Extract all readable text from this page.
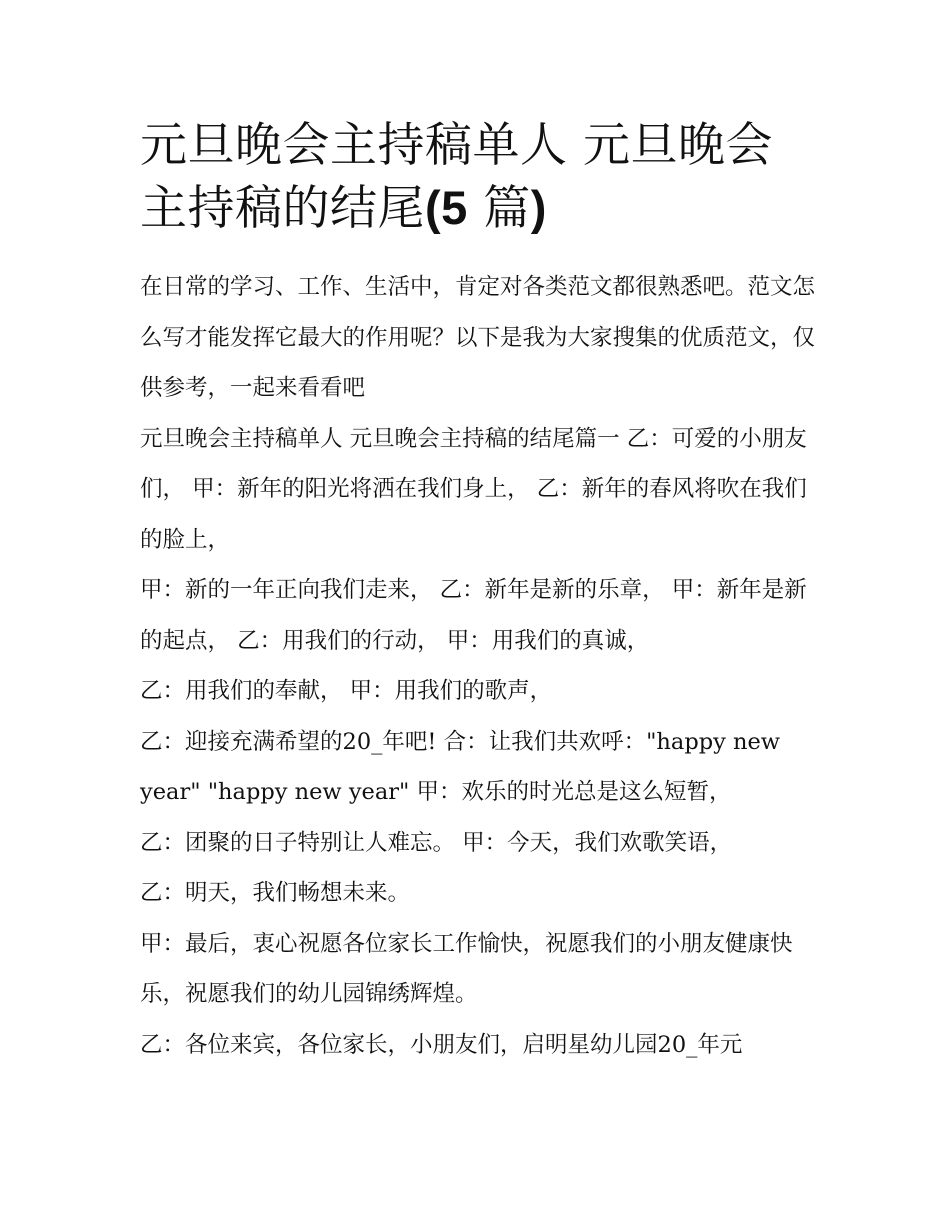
元旦晚会主持稿单人 元旦晚会主持稿的结尾(5 篇)

在日常的学习、工作、生活中，肯定对各类范文都很熟悉吧。范文怎么写才能发挥它最大的作用呢？以下是我为大家搜集的优质范文，仅供参考，一起来看看吧

元旦晚会主持稿单人 元旦晚会主持稿的结尾篇一 乙：可爱的小朋友们， 甲：新年的阳光将洒在我们身上， 乙：新年的春风将吹在我们的脸上，

甲：新的一年正向我们走来， 乙：新年是新的乐章， 甲：新年是新的起点， 乙：用我们的行动， 甲：用我们的真诚，

乙：用我们的奉献， 甲：用我们的歌声，

乙：迎接充满希望的20_年吧! 合：让我们共欢呼："happy new year" "happy new year" 甲：欢乐的时光总是这么短暂，

乙：团聚的日子特别让人难忘。 甲：今天，我们欢歌笑语，

乙：明天，我们畅想未来。

甲：最后，衷心祝愿各位家长工作愉快，祝愿我们的小朋友健康快乐，祝愿我们的幼儿园锦绣辉煌。

乙：各位来宾，各位家长，小朋友们，启明星幼儿园20_年元
